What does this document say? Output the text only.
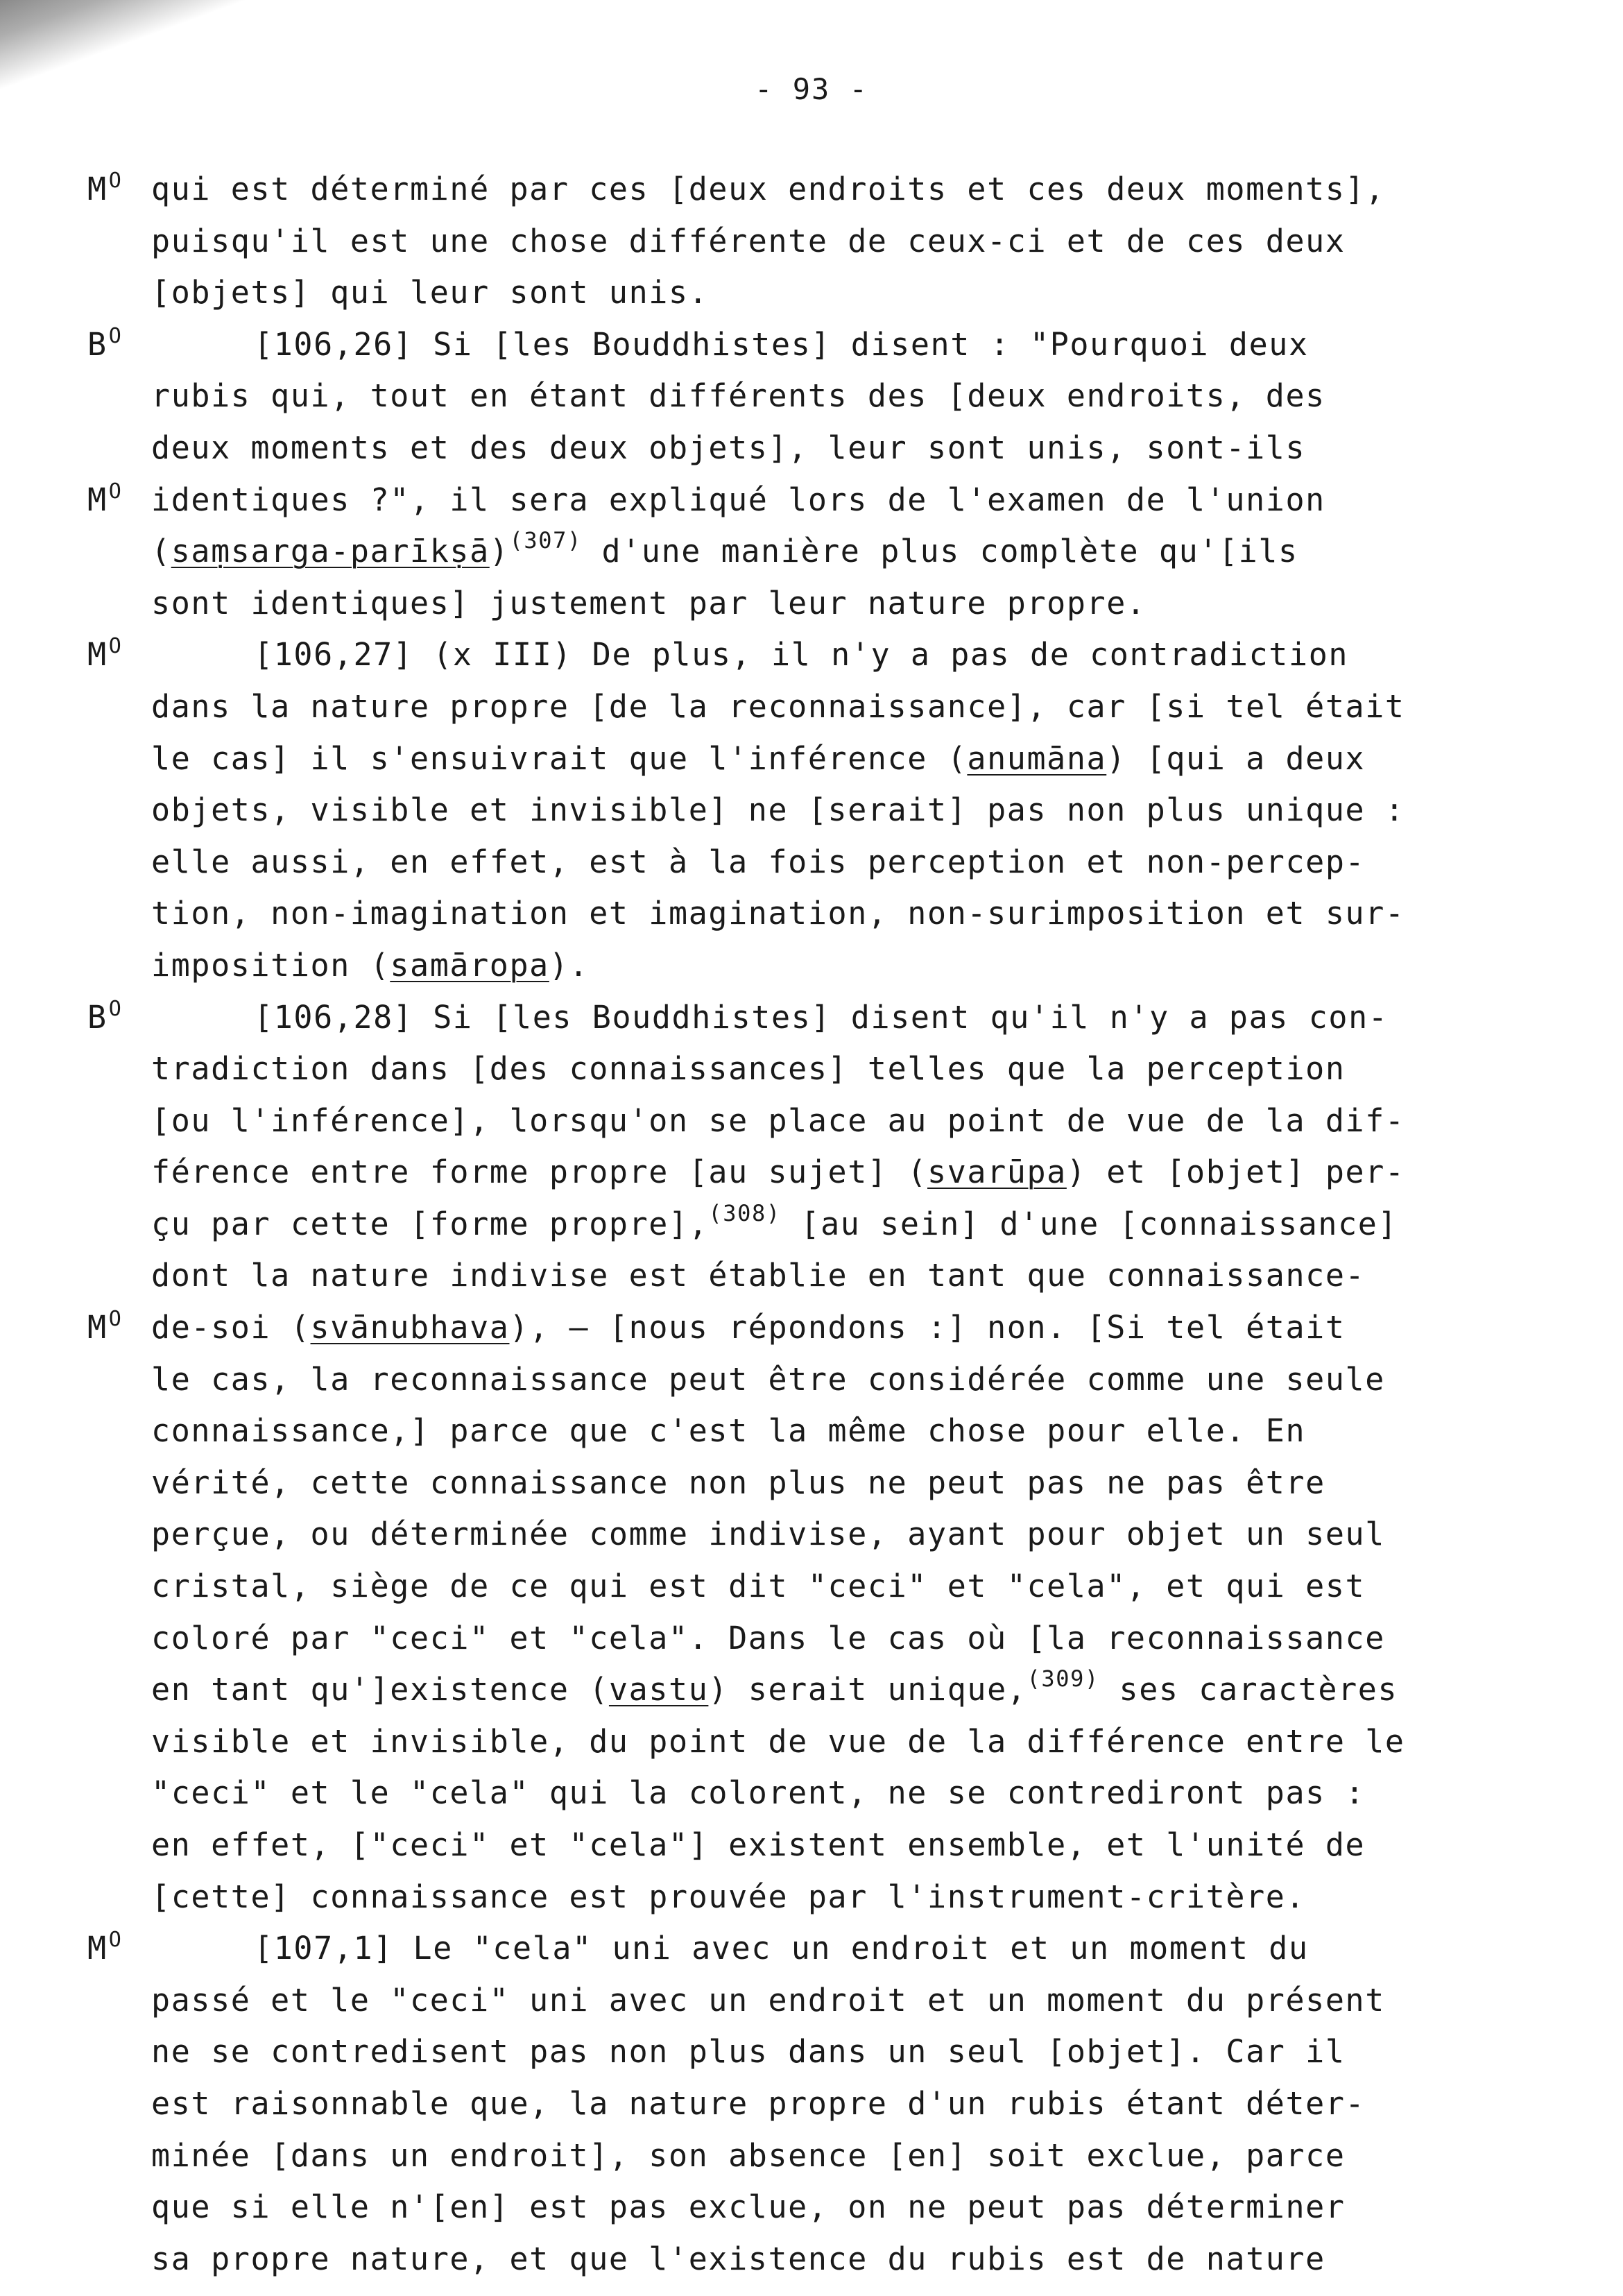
- 93 -
$M^O$ qui est déterminé par ces [deux endroits et ces deux moments],
puisqu'il est une chose différente de ceux-ci et de ces deux
[objets] qui leur sont unis.
$B^O$	[106,26] Si [les Bouddhistes] disent : "Pourquoi deux
rubis qui, tout en étant différents des [deux endroits, des
deux moments et des deux objets], leur sont unis, sont-ils
$M^O$ identiques ?", il sera expliqué lors de l'examen de l'union
(saṃsarga-parīkṣā)$^{(307)}$ d'une manière plus complète qu'[ils
sont identiques] justement par leur nature propre.
$M^O$	[106,27] (x III) De plus, il n'y a pas de contradiction
dans la nature propre [de la reconnaissance], car [si tel était
le cas] il s'ensuivrait que l'inférence (anumāna) [qui a deux
objets, visible et invisible] ne [serait] pas non plus unique :
elle aussi, en effet, est à la fois perception et non-percep-
tion, non-imagination et imagination, non-surimposition et sur-
imposition (samāropa).
$B^O$	[106,28] Si [les Bouddhistes] disent qu'il n'y a pas con-
tradiction dans [des connaissances] telles que la perception
[ou l'inférence], lorsqu'on se place au point de vue de la dif-
férence entre forme propre [au sujet] (svarūpa) et [objet] per-
çu par cette [forme propre],$^{(308)}$ [au sein] d'une [connaissance]
dont la nature indivise est établie en tant que connaissance-
$M^O$ de-soi (svānubhava), — [nous répondons :] non. [Si tel était
le cas, la reconnaissance peut être considérée comme une seule
connaissance,] parce que c'est la même chose pour elle. En
vérité, cette connaissance non plus ne peut pas ne pas être
perçue, ou déterminée comme indivise, ayant pour objet un seul
cristal, siège de ce qui est dit "ceci" et "cela", et qui est
coloré par "ceci" et "cela". Dans le cas où [la reconnaissance
en tant qu']existence (vastu) serait unique,$^{(309)}$ ses caractères
visible et invisible, du point de vue de la différence entre le
"ceci" et le "cela" qui la colorent, ne se contrediront pas :
en effet, ["ceci" et "cela"] existent ensemble, et l'unité de
[cette] connaissance est prouvée par l'instrument-critère.
$M^O$	[107,1] Le "cela" uni avec un endroit et un moment du
passé et le "ceci" uni avec un endroit et un moment du présent
ne se contredisent pas non plus dans un seul [objet]. Car il
est raisonnable que, la nature propre d'un rubis étant déter-
minée [dans un endroit], son absence [en] soit exclue, parce
que si elle n'[en] est pas exclue, on ne peut pas déterminer
sa propre nature, et que l'existence du rubis est de nature
